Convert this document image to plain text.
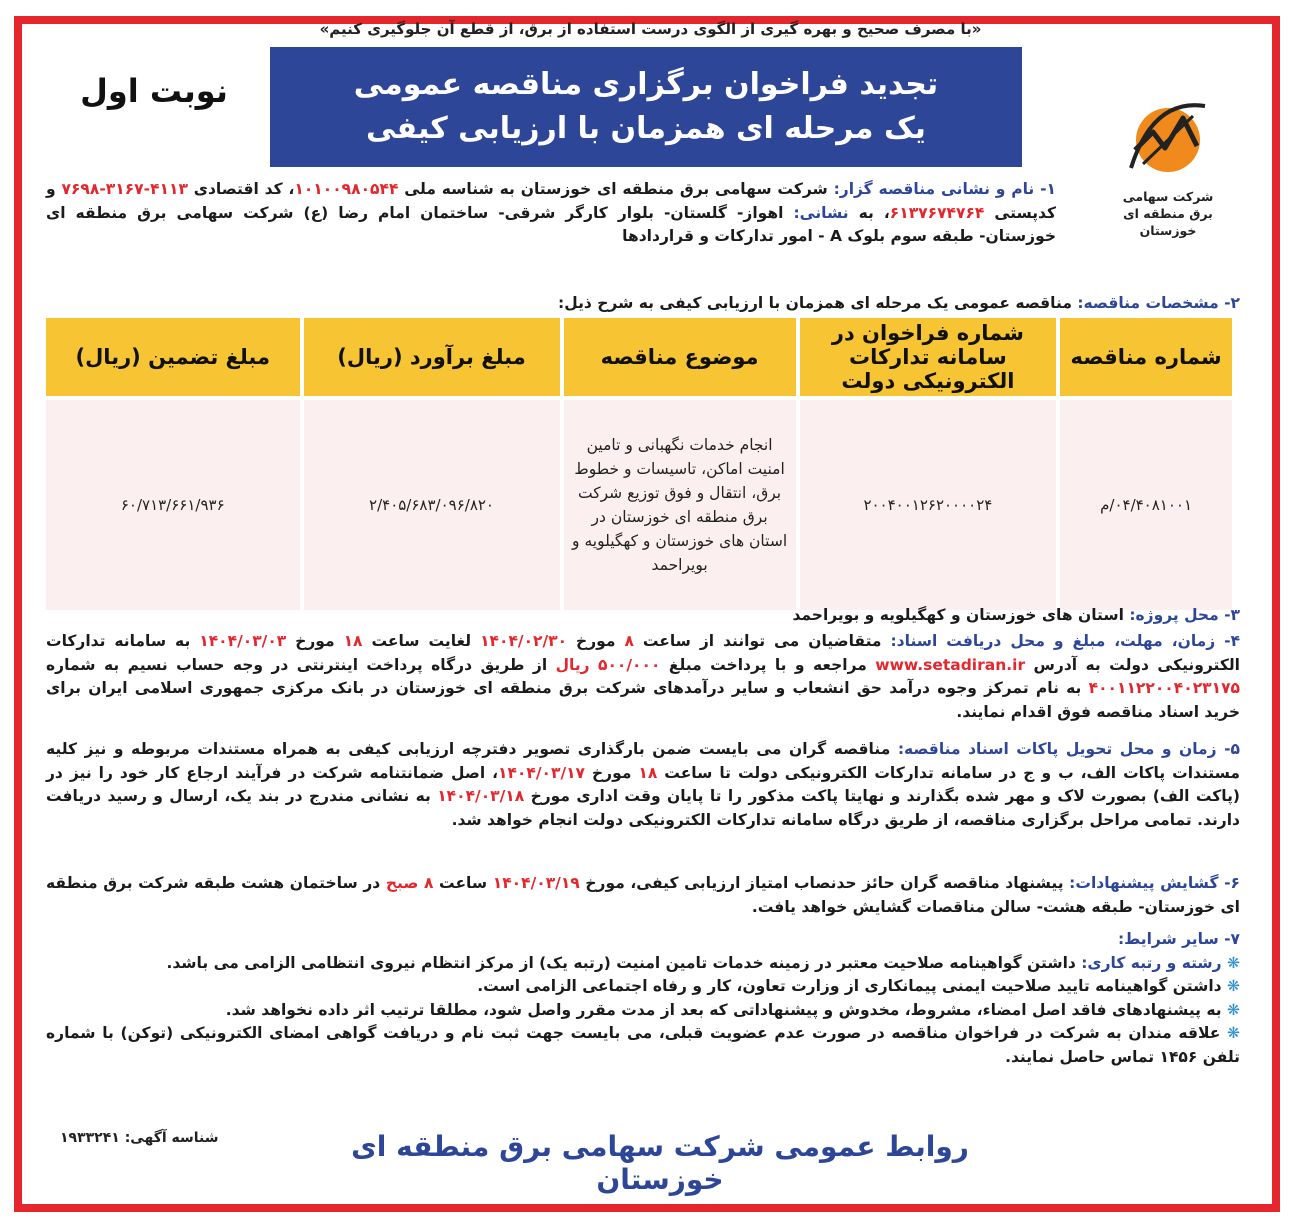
«با مصرف صحیح و بهره گیری از الگوی درست استفاده از برق، از قطع آن جلوگیری کنیم»
تجدید فراخوان برگزاری مناقصه عمومی
یک مرحله ای همزمان با ارزیابی کیفی
نوبت اول
شرکت سهامی
برق منطقه ای خوزستان
۱- نام و نشانی مناقصه گزار: شرکت سهامی برق منطقه ای خوزستان به شناسه ملی ۱۰۱۰۰۹۸۰۵۴۴، کد اقتصادی ۴۱۱۳-۳۱۶۷-۷۶۹۸ و کدپستی ۶۱۳۷۶۷۴۷۶۴، به نشانی: اهواز- گلستان- بلوار کارگر شرقی- ساختمان امام رضا (ع) شرکت سهامی برق منطقه ای خوزستان- طبقه سوم بلوک A - امور تدارکات و قراردادها
۲- مشخصات مناقصه: مناقصه عمومی یک مرحله ای همزمان با ارزیابی کیفی به شرح ذیل:
شماره مناقصه	شماره فراخوان در سامانه تدارکات الکترونیکی دولت	موضوع مناقصه	مبلغ برآورد (ریال)	مبلغ تضمین (ریال)
۰۴/۴۰۸۱۰۰۱/م	۲۰۰۴۰۰۱۲۶۲۰۰۰۰۲۴	انجام خدمات نگهبانی و تامین امنیت اماکن، تاسیسات و خطوط برق، انتقال و فوق توزیع شرکت برق منطقه ای خوزستان در استان های خوزستان و کهگیلویه و بویراحمد	۲/۴۰۵/۶۸۳/۰۹۶/۸۲۰	۶۰/۷۱۳/۶۶۱/۹۳۶
۳- محل پروژه: استان های خوزستان و کهگیلویه و بویراحمد
۴- زمان، مهلت، مبلغ و محل دریافت اسناد: متقاضیان می توانند از ساعت ۸ مورخ ۱۴۰۴/۰۲/۳۰ لغایت ساعت ۱۸ مورخ ۱۴۰۴/۰۳/۰۳ به سامانه تدارکات الکترونیکی دولت به آدرس www.setadiran.ir مراجعه و با پرداخت مبلغ ۵۰۰/۰۰۰ ریال از طریق درگاه پرداخت اینترنتی در وجه حساب نسیم به شماره ۴۰۰۱۱۲۲۰۰۴۰۲۳۱۷۵ به نام تمرکز وجوه درآمد حق انشعاب و سایر درآمدهای شرکت برق منطقه ای خوزستان در بانک مرکزی جمهوری اسلامی ایران برای خرید اسناد مناقصه فوق اقدام نمایند.
۵- زمان و محل تحویل پاکات اسناد مناقصه: مناقصه گران می بایست ضمن بارگذاری تصویر دفترچه ارزیابی کیفی به همراه مستندات مربوطه و نیز کلیه مستندات پاکات الف، ب و ج در سامانه تدارکات الکترونیکی دولت تا ساعت ۱۸ مورخ ۱۴۰۴/۰۳/۱۷، اصل ضمانتنامه شرکت در فرآیند ارجاع کار خود را نیز در (پاکت الف) بصورت لاک و مهر شده بگذارند و نهایتا پاکت مذکور را تا پایان وقت اداری مورخ ۱۴۰۴/۰۳/۱۸ به نشانی مندرج در بند یک، ارسال و رسید دریافت دارند. تمامی مراحل برگزاری مناقصه، از طریق درگاه سامانه تدارکات الکترونیکی دولت انجام خواهد شد.
۶- گشایش پیشنهادات: پیشنهاد مناقصه گران حائز حدنصاب امتیاز ارزیابی کیفی، مورخ ۱۴۰۴/۰۳/۱۹ ساعت ۸ صبح در ساختمان هشت طبقه شرکت برق منطقه ای خوزستان- طبقه هشت- سالن مناقصات گشایش خواهد یافت.
۷- سایر شرایط:
❋ رشته و رتبه کاری: داشتن گواهینامه صلاحیت معتبر در زمینه خدمات تامین امنیت (رتبه یک) از مرکز انتظام نیروی انتظامی الزامی می باشد.
❋ داشتن گواهینامه تایید صلاحیت ایمنی پیمانکاری از وزارت تعاون، کار و رفاه اجتماعی الزامی است.
❋ به پیشنهادهای فاقد اصل امضاء، مشروط، مخدوش و پیشنهاداتی که بعد از مدت مقرر واصل شود، مطلقا ترتیب اثر داده نخواهد شد.
❋ علاقه مندان به شرکت در فراخوان مناقصه در صورت عدم عضویت قبلی، می بایست جهت ثبت نام و دریافت گواهی امضای الکترونیکی (توکن) با شماره تلفن ۱۴۵۶ تماس حاصل نمایند.
روابط عمومی شرکت سهامی برق منطقه ای خوزستان
شناسه آگهی: ۱۹۳۳۲۴۱
